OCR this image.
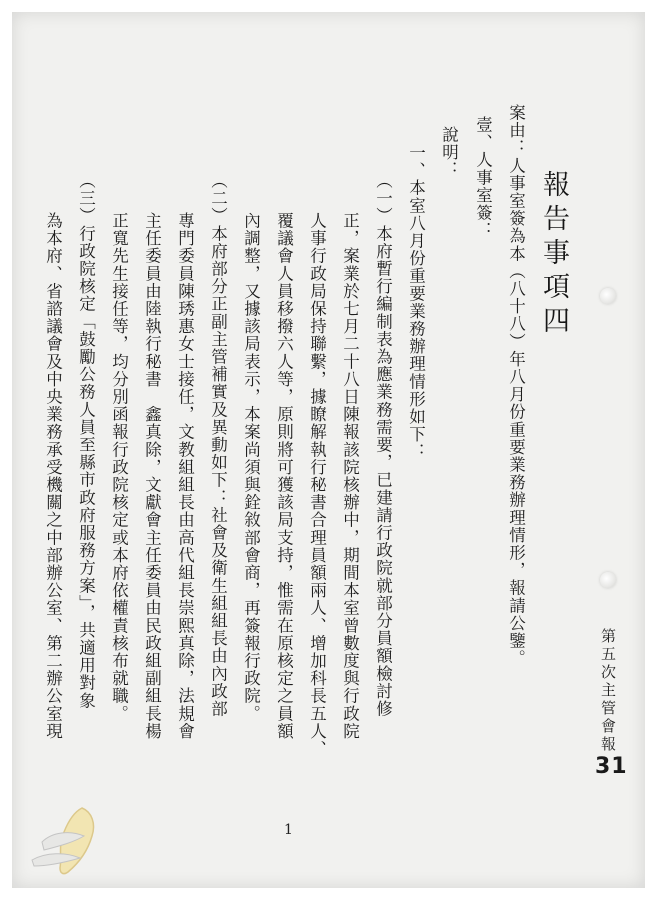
第五次主管會報
31
報告事項四
案由：人事室簽為本（八十八）年八月份重要業務辦理情形，報請公鑒。
壹、人事室簽：
說明：
一、本室八月份重要業務辦理情形如下：
（一）本府暫行編制表為應業務需要，已建請行政院就部分員額檢討修
正，案業於七月二十八日陳報該院核辦中，期間本室曾數度與行政院
人事行政局保持聯繫，據瞭解執行秘書合理員額兩人、增加科長五人、
覆議會人員移撥六人等，原則將可獲該局支持，惟需在原核定之員額
內調整，又據該局表示，本案尚須與銓敘部會商，再簽報行政院。
（二）本府部分正副主管補實及異動如下：社會及衛生組組長由內政部
專門委員陳琇惠女士接任，文教組組長由高代組長崇熙真除，法規會
主任委員由陸執行秘書　鑫真除，文獻會主任委員由民政組副組長楊
正寬先生接任等，均分別函報行政院核定或本府依權責核布就職。
（三）行政院核定「鼓勵公務人員至縣市政府服務方案」，共適用對象
為本府、省諮議會及中央業務承受機關之中部辦公室、第二辦公室現
1
